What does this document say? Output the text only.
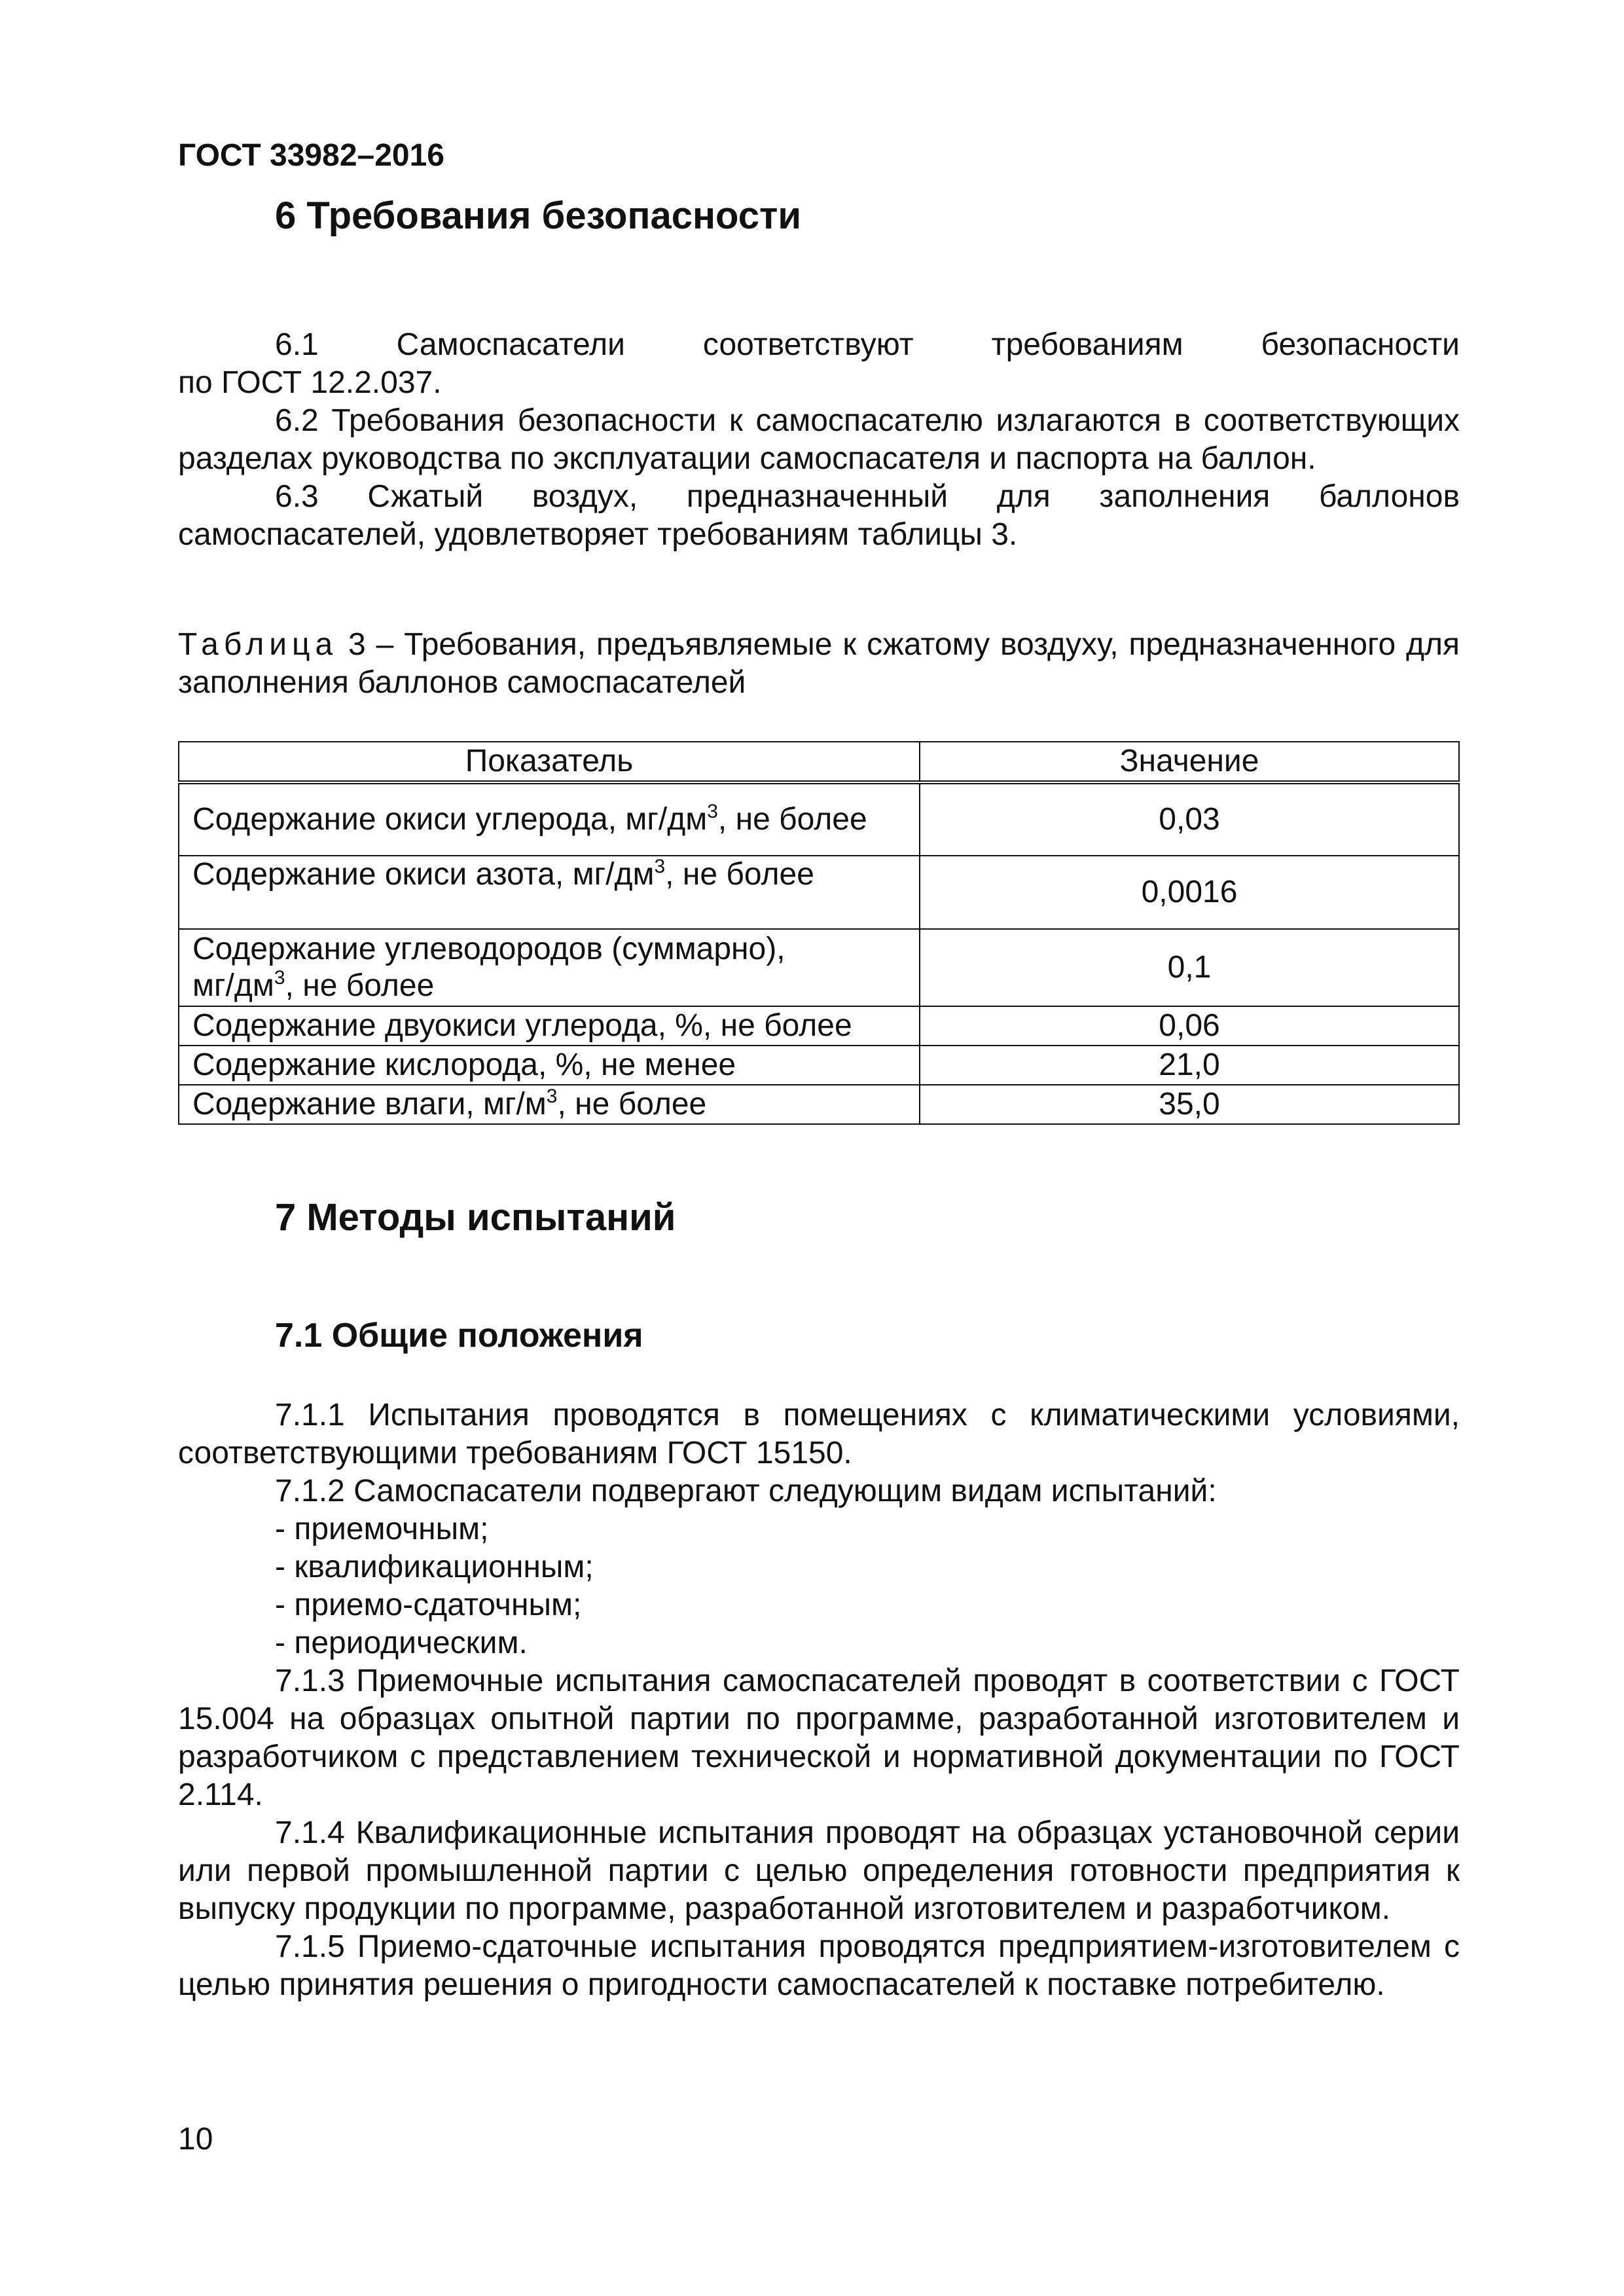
ГОСТ 33982–2016
6 Требования безопасности

6.1 Самоспасатели соответствуют требованиям безопасности

по ГОСТ 12.2.037.

6.2 Требования безопасности к самоспасателю излагаются в соответствующих разделах руководства по эксплуатации самоспасателя и паспорта на баллон.

6.3 Сжатый воздух, предназначенный для заполнения баллонов самоспасателей, удовлетворяет требованиям таблицы 3.

Таблица 3 – Требования, предъявляемые к сжатому воздуху, предназначенного для заполнения баллонов самоспасателей

Показатель	Значение
Содержание окиси углерода, $мг/дм^3$, не более	0,03
Содержание окиси азота, $мг/дм^3$, не более	0,0016

Содержание углеводородов (суммарно),
$мг/дм^3$, не более	0,1
Содержание двуокиси углерода, %, не более	0,06
Содержание кислорода, %, не менее	21,0
Содержание влаги, $мг/м^3$, не более	35,0
7 Методы испытаний
7.1 Общие положения

7.1.1 Испытания проводятся в помещениях с климатическими условиями, соответствующими требованиям ГОСТ 15150.

7.1.2 Самоспасатели подвергают следующим видам испытаний:

- приемочным;

- квалификационным;

- приемо-сдаточным;

- периодическим.

7.1.3 Приемочные испытания самоспасателей проводят в соответствии с ГОСТ 15.004 на образцах опытной партии по программе, разработанной изготовителем и разработчиком с представлением технической и нормативной документации по ГОСТ 2.114.

7.1.4 Квалификационные испытания проводят на образцах установочной серии или первой промышленной партии с целью определения готовности предприятия к выпуску продукции по программе, разработанной изготовителем и разработчиком.

7.1.5 Приемо-сдаточные испытания проводятся предприятием-изготовителем с целью принятия решения о пригодности самоспасателей к поставке потребителю.

10
